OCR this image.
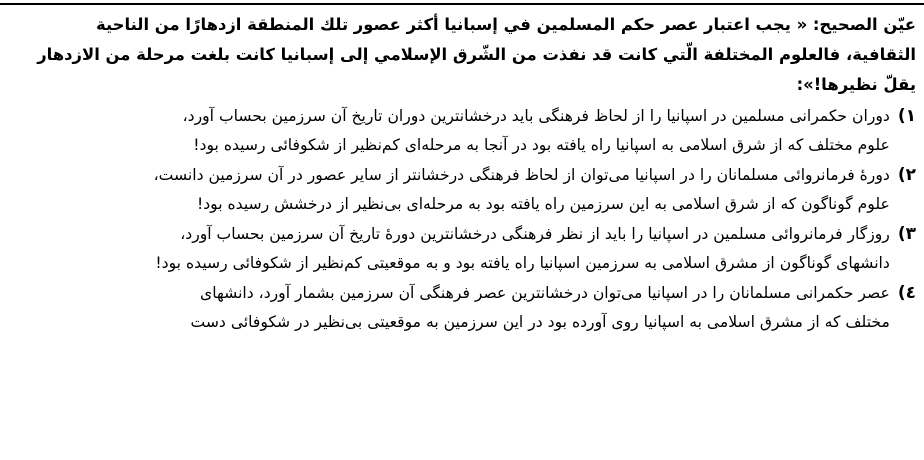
عيّن الصحيح: « يجب اعتبار عصر حكم المسلمين في إسبانيا أكثر عصور تلك المنطقة ازدهارًا من الناحية
الثقافية، فالعلوم المختلفة الّتي كانت قد نفذت من الشّرق الإسلامي إلى إسبانيا كانت بلغت مرحلة من الازدهار
يقلّ نظيرها!»:
١)
دوران حکمرانی مسلمین در اسپانیا را از لحاظ فرهنگی باید درخشانترین دوران تاریخ آن سرزمین بحساب آورد،
علوم مختلف که از شرق اسلامی به اسپانیا راه یافته بود در آنجا به مرحله‌ای کم‌نظیر از شکوفائی رسیده بود!
٢)
دورۀ فرمانروائی مسلمانان را در اسپانیا می‌توان از لحاظ فرهنگی درخشانتر از سایر عصور در آن سرزمین دانست،
علوم گوناگون که از شرق اسلامی به این سرزمین راه یافته بود به مرحله‌ای بی‌نظیر از درخشش رسیده بود!
٣)
روزگار فرمانروائی مسلمین در اسپانیا را باید از نظر فرهنگی درخشانترین دورۀ تاریخ آن سرزمین بحساب آورد،
دانشهای گوناگون از مشرق اسلامی به سرزمین اسپانیا راه یافته بود و به موقعیتی کم‌نظیر از شکوفائی رسیده بود!
٤)
عصر حکمرانی مسلمانان را در اسپانیا می‌توان درخشانترین عصر فرهنگی آن سرزمین بشمار آورد، دانشهای
مختلف که از مشرق اسلامی به اسپانیا روی آورده بود در این سرزمین به موقعیتی بی‌نظیر در شکوفائی دست
